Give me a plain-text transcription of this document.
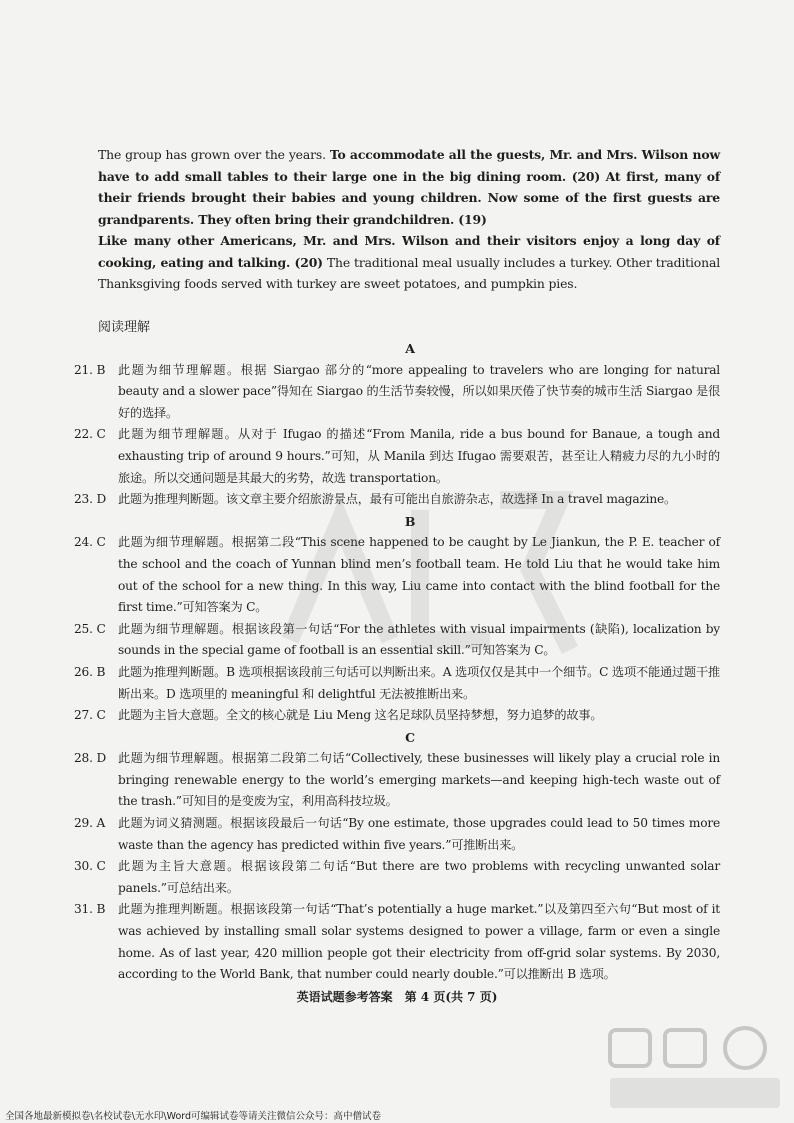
The group has grown over the years. To accommodate all the guests, Mr. and Mrs. Wilson now have to add small tables to their large one in the big dining room. (20) At first, many of their friends brought their babies and young children. Now some of the first guests are grandparents. They often bring their grandchildren. (19)

Like many other Americans, Mr. and Mrs. Wilson and their visitors enjoy a long day of cooking, eating and talking. (20) The traditional meal usually includes a turkey. Other traditional Thanksgiving foods served with turkey are sweet potatoes, and pumpkin pies.

阅读理解
A
21. B 此题为细节理解题。根据 Siargao 部分的“more appealing to travelers who are longing for natural beauty and a slower pace”得知在 Siargao 的生活节奏较慢，所以如果厌倦了快节奏的城市生活 Siargao 是很好的选择。
22. C 此题为细节理解题。从对于 Ifugao 的描述“From Manila, ride a bus bound for Banaue, a tough and exhausting trip of around 9 hours.”可知，从 Manila 到达 Ifugao 需要艰苦，甚至让人精疲力尽的九小时的旅途。所以交通问题是其最大的劣势，故选 transportation。
23. D 此题为推理判断题。该文章主要介绍旅游景点，最有可能出自旅游杂志，故选择 In a travel magazine。
B
24. C 此题为细节理解题。根据第二段“This scene happened to be caught by Le Jiankun, the P. E. teacher of the school and the coach of Yunnan blind men’s football team. He told Liu that he would take him out of the school for a new thing. In this way, Liu came into contact with the blind football for the first time.”可知答案为 C。
25. C 此题为细节理解题。根据该段第一句话“For the athletes with visual impairments (缺陷), localization by sounds in the special game of football is an essential skill.”可知答案为 C。
26. B 此题为推理判断题。B 选项根据该段前三句话可以判断出来。A 选项仅仅是其中一个细节。C 选项不能通过题干推断出来。D 选项里的 meaningful 和 delightful 无法被推断出来。
27. C 此题为主旨大意题。全文的核心就是 Liu Meng 这名足球队员坚持梦想，努力追梦的故事。
C
28. D 此题为细节理解题。根据第二段第二句话“Collectively, these businesses will likely play a crucial role in bringing renewable energy to the world’s emerging markets—and keeping high-tech waste out of the trash.”可知目的是变废为宝，利用高科技垃圾。
29. A 此题为词义猜测题。根据该段最后一句话“By one estimate, those upgrades could lead to 50 times more waste than the agency has predicted within five years.”可推断出来。
30. C 此题为主旨大意题。根据该段第二句话“But there are two problems with recycling unwanted solar panels.”可总结出来。
31. B 此题为推理判断题。根据该段第一句话“That’s potentially a huge market.”以及第四至六句“But most of it was achieved by installing small solar systems designed to power a village, farm or even a single home. As of last year, 420 million people got their electricity from off-grid solar systems. By 2030, according to the World Bank, that number could nearly double.”可以推断出 B 选项。
英语试题参考答案　第 4 页(共 7 页)
全国各地最新模拟卷\名校试卷\无水印\Word可编辑试卷等请关注微信公众号：高中僧试卷
